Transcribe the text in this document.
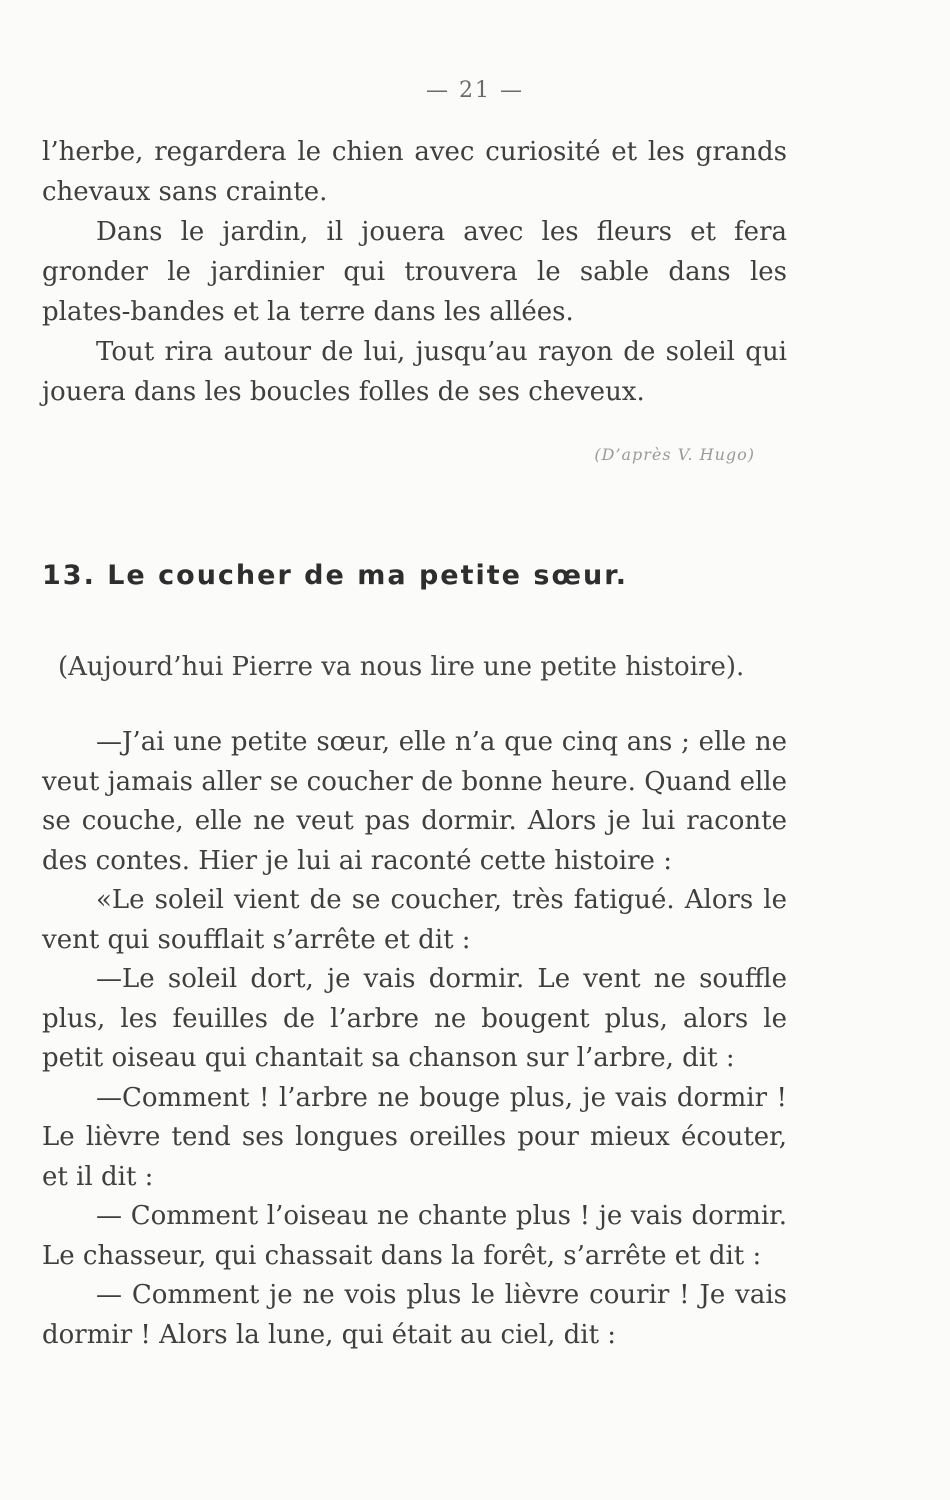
— 21 —

l’herbe, regardera le chien avec curiosité et les grands chevaux sans crainte.

Dans le jardin, il jouera avec les fleurs et fera gronder le jardinier qui trouvera le sable dans les plates-bandes et la terre dans les allées.

Tout rira autour de lui, jusqu’au rayon de soleil qui jouera dans les boucles folles de ses cheveux.

(D’après V. Hugo)
13. Le coucher de ma petite sœur.
(Aujourd’hui Pierre va nous lire une petite histoire).

—J’ai une petite sœur, elle n’a que cinq ans ; elle ne veut jamais aller se coucher de bonne heure. Quand elle se couche, elle ne veut pas dormir. Alors je lui raconte des contes. Hier je lui ai raconté cette histoire :

«Le soleil vient de se coucher, très fatigué. Alors le vent qui soufflait s’arrête et dit :

—Le soleil dort, je vais dormir. Le vent ne souffle plus, les feuilles de l’arbre ne bougent plus, alors le petit oiseau qui chantait sa chanson sur l’arbre, dit :

—Comment ! l’arbre ne bouge plus, je vais dormir ! Le lièvre tend ses longues oreilles pour mieux écouter, et il dit :

— Comment l’oiseau ne chante plus ! je vais dormir. Le chasseur, qui chassait dans la forêt, s’arrête et dit :

— Comment je ne vois plus le lièvre courir ! Je vais dormir ! Alors la lune, qui était au ciel, dit :
